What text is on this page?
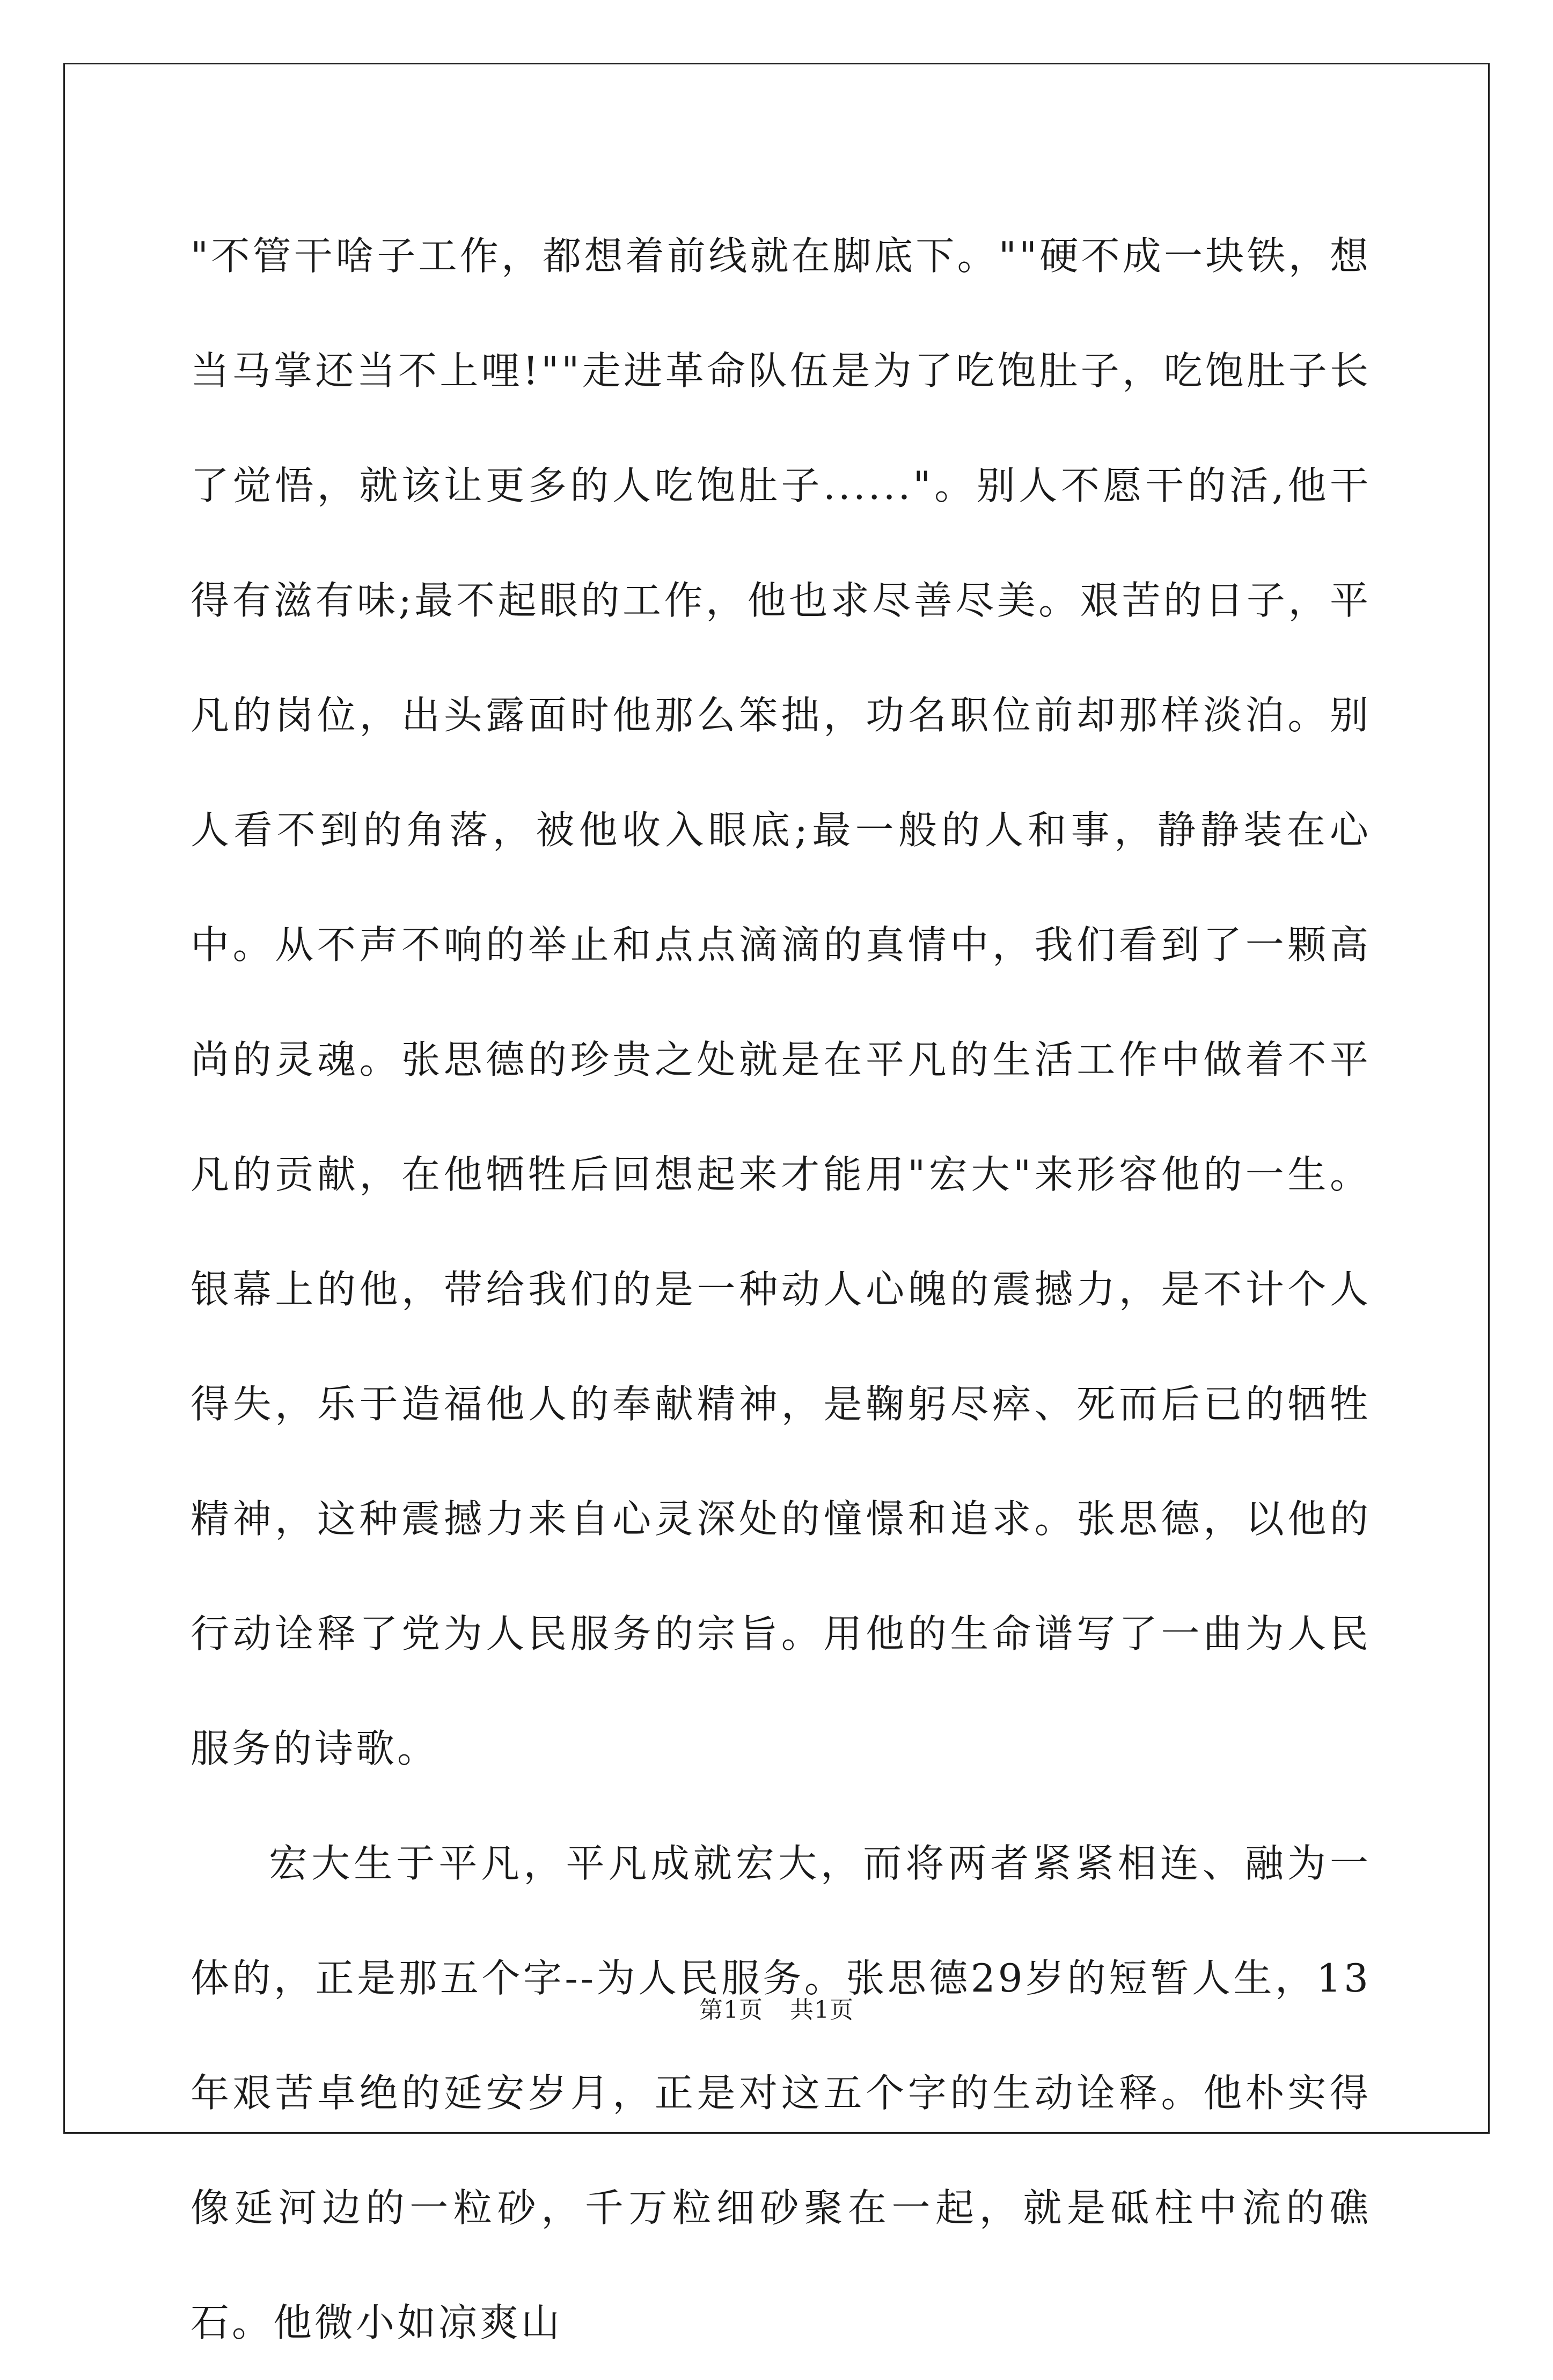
"不管干啥子工作，都想着前线就在脚底下。""硬不成一块铁，想当马掌还当不上哩!""走进革命队伍是为了吃饱肚子，吃饱肚子长了觉悟，就该让更多的人吃饱肚子......"。别人不愿干的活,他干得有滋有味;最不起眼的工作，他也求尽善尽美。艰苦的日子，平凡的岗位，出头露面时他那么笨拙，功名职位前却那样淡泊。别人看不到的角落，被他收入眼底;最一般的人和事，静静装在心中。从不声不响的举止和点点滴滴的真情中，我们看到了一颗高尚的灵魂。张思德的珍贵之处就是在平凡的生活工作中做着不平凡的贡献，在他牺牲后回想起来才能用"宏大"来形容他的一生。银幕上的他，带给我们的是一种动人心魄的震撼力，是不计个人得失，乐于造福他人的奉献精神，是鞠躬尽瘁、死而后已的牺牲精神，这种震撼力来自心灵深处的憧憬和追求。张思德，以他的行动诠释了党为人民服务的宗旨。用他的生命谱写了一曲为人民服务的诗歌。

宏大生于平凡，平凡成就宏大，而将两者紧紧相连、融为一体的，正是那五个字--为人民服务。张思德29岁的短暂人生，13年艰苦卓绝的延安岁月，正是对这五个字的生动诠释。他朴实得像延河边的一粒砂，千万粒细砂聚在一起，就是砥柱中流的礁石。他微小如凉爽山

第1页 共1页
